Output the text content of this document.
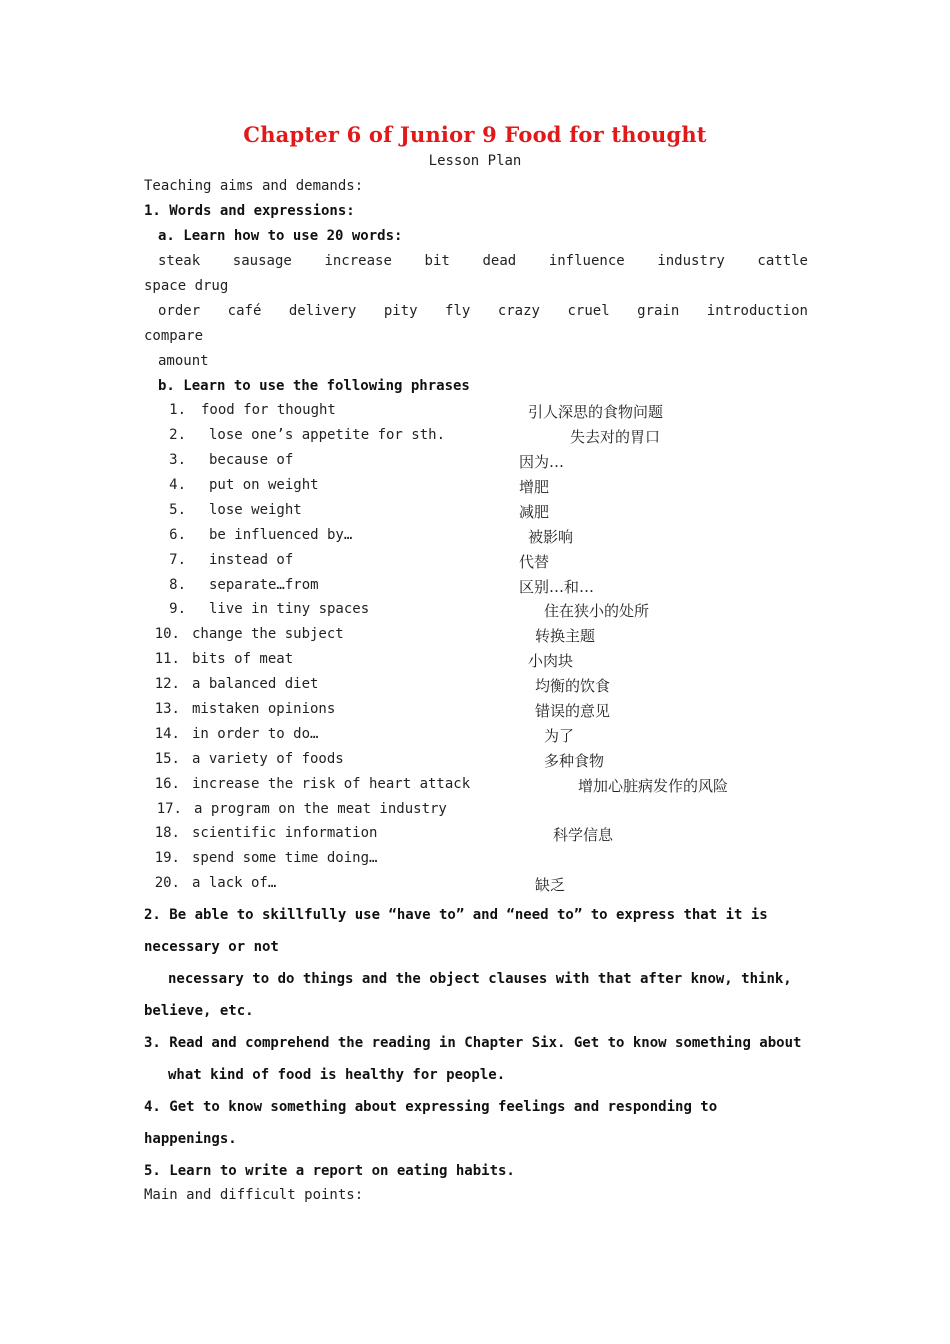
Chapter 6 of Junior 9 Food for thought
Lesson Plan
Teaching aims and demands:
1. Words and expressions:
a. Learn how to use 20 words:
steak sausage increase bit dead influence industry cattle
space drug
order café delivery pity fly crazy cruel grain introduction
compare
amount
b. Learn to use the following phrases
1. food for thought	引人深思的食物问题
2. lose one’s appetite for sth.	失去对的胃口
3. because of	因为…
4. put on weight	增肥
5. lose weight	减肥
6. be influenced by…	被影响
7. instead of	代替
8. separate…from	区别…和…
9. live in tiny spaces	住在狭小的处所
10. change the subject	转换主题
11. bits of meat	小肉块
12. a balanced diet	均衡的饮食
13. mistaken opinions	错误的意见
14. in order to do…	为了
15. a variety of foods	多种食物
16. increase the risk of heart attack	增加心脏病发作的风险
17. a program on the meat industry
18. scientific information	科学信息
19. spend some time doing…
20. a lack of…	缺乏
2. Be able to skillfully use “have to” and “need to” to express that it is
necessary or not
necessary to do things and the object clauses with that after know, think,
believe, etc.
3. Read and comprehend the reading in Chapter Six. Get to know something about
what kind of food is healthy for people.
4. Get to know something about expressing feelings and responding to
happenings.
5. Learn to write a report on eating habits.
Main and difficult points:
